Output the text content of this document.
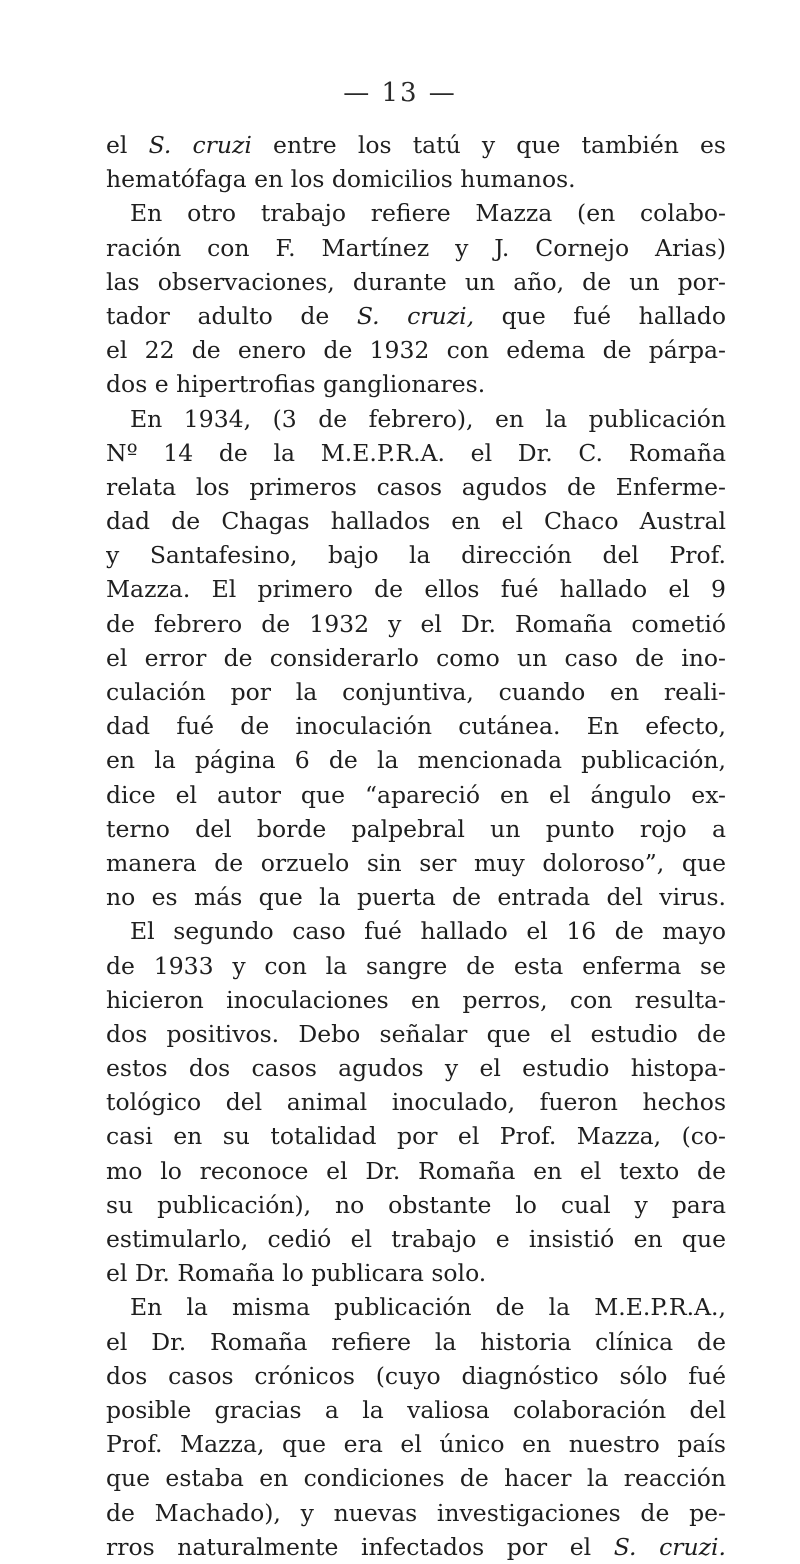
— 13 —
el S. cruzi entre los tatú y que también es
hematófaga en los domicilios humanos.
En otro trabajo refiere Mazza (en colabo-
ración con F. Martínez y J. Cornejo Arias)
las observaciones, durante un año, de un por-
tador adulto de S. cruzi, que fué hallado
el 22 de enero de 1932 con edema de párpa-
dos e hipertrofias ganglionares.
En 1934, (3 de febrero), en la publicación
Nº 14 de la M.E.P.R.A. el Dr. C. Romaña
relata los primeros casos agudos de Enferme-
dad de Chagas hallados en el Chaco Austral
y Santafesino, bajo la dirección del Prof.
Mazza. El primero de ellos fué hallado el 9
de febrero de 1932 y el Dr. Romaña cometió
el error de considerarlo como un caso de ino-
culación por la conjuntiva, cuando en reali-
dad fué de inoculación cutánea. En efecto,
en la página 6 de la mencionada publicación,
dice el autor que “apareció en el ángulo ex-
terno del borde palpebral un punto rojo a
manera de orzuelo sin ser muy doloroso”, que
no es más que la puerta de entrada del virus.
El segundo caso fué hallado el 16 de mayo
de 1933 y con la sangre de esta enferma se
hicieron inoculaciones en perros, con resulta-
dos positivos. Debo señalar que el estudio de
estos dos casos agudos y el estudio histopa-
tológico del animal inoculado, fueron hechos
casi en su totalidad por el Prof. Mazza, (co-
mo lo reconoce el Dr. Romaña en el texto de
su publicación), no obstante lo cual y para
estimularlo, cedió el trabajo e insistió en que
el Dr. Romaña lo publicara solo.
En la misma publicación de la M.E.P.R.A.,
el Dr. Romaña refiere la historia clínica de
dos casos crónicos (cuyo diagnóstico sólo fué
posible gracias a la valiosa colaboración del
Prof. Mazza, que era el único en nuestro país
que estaba en condiciones de hacer la reacción
de Machado), y nuevas investigaciones de pe-
rros naturalmente infectados por el S. cruzi.
